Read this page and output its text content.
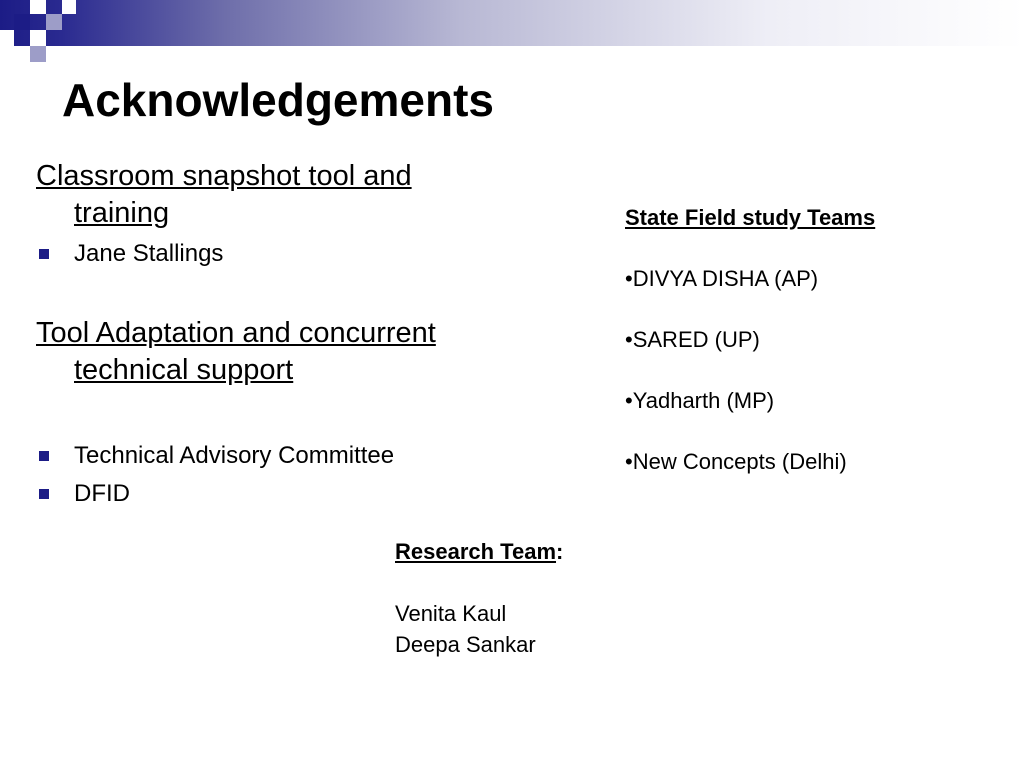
Acknowledgements
Classroom snapshot tool and
training
Jane Stallings
Tool Adaptation and concurrent
technical support
Technical Advisory Committee
DFID
State Field study Teams
•DIVYA DISHA (AP)
•SARED (UP)
•Yadharth (MP)
•New Concepts (Delhi)
Research Team:
Venita Kaul
Deepa Sankar
